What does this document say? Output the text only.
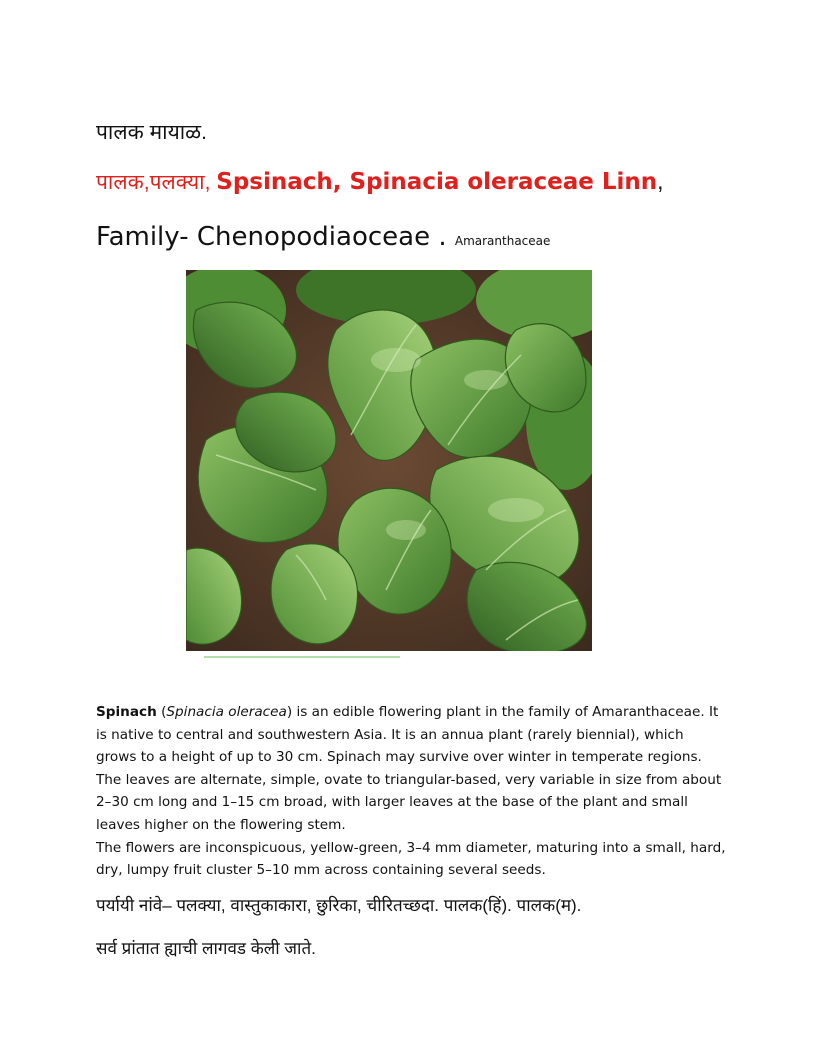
पालक मायाळ.
पालक,पलक्या, Spsinach, Spinacia oleraceae Linn,
Family- Chenopodiaoceae . Amaranthaceae

Spinach (Spinacia oleracea) is an edible flowering plant in the family of Amaranthaceae. It is native to central and southwestern Asia. It is an annua plant (rarely biennial), which grows to a height of up to 30 cm. Spinach may survive over winter in temperate regions.

The leaves are alternate, simple, ovate to triangular-based, very variable in size from about 2–30 cm long and 1–15 cm broad, with larger leaves at the base of the plant and small leaves higher on the flowering stem.

The flowers are inconspicuous, yellow-green, 3–4 mm diameter, maturing into a small, hard, dry, lumpy fruit cluster 5–10 mm across containing several seeds.

पर्यायी नांवे– पलक्या, वास्तुकाकारा, छुरिका, चीरितच्छदा. पालक(हिं). पालक(म).
सर्व प्रांतात ह्याची लागवड केली जाते.
